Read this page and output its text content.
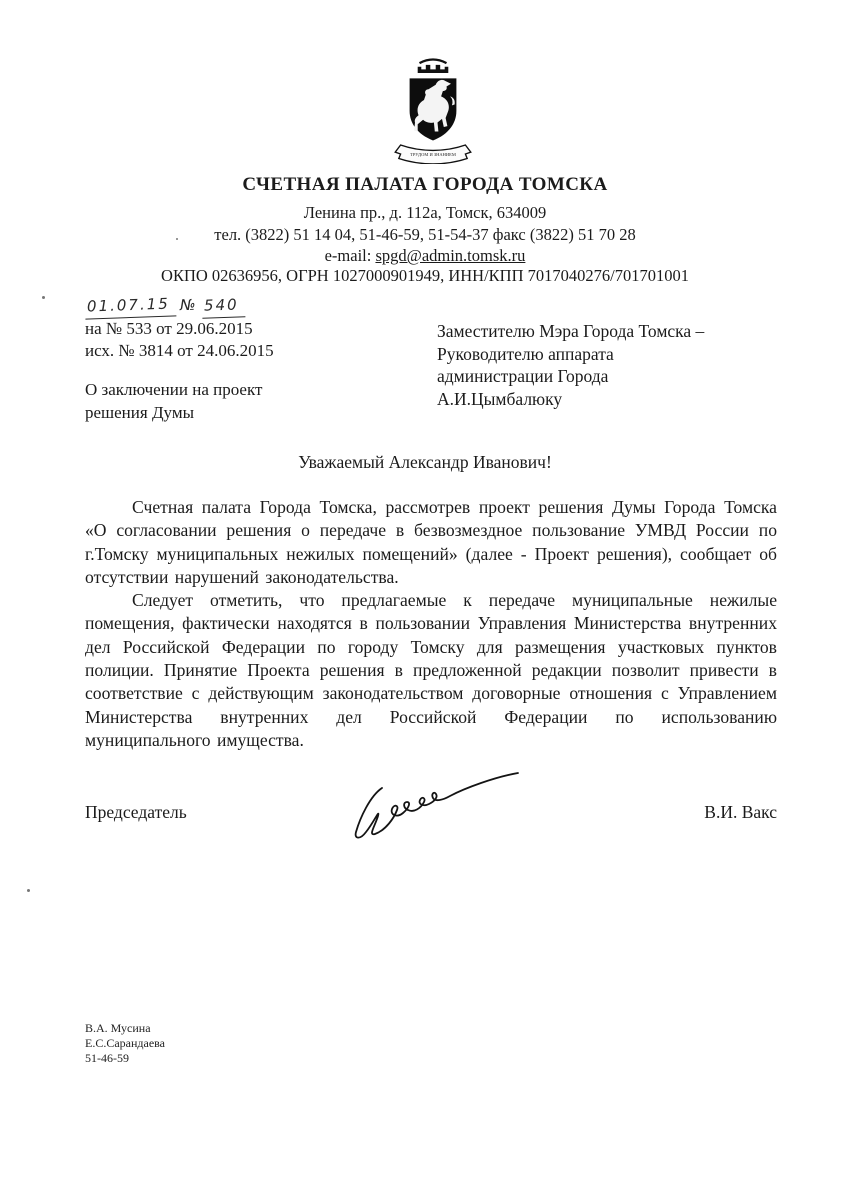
ТРУДОМ И ЗНАНИЕМ
СЧЕТНАЯ ПАЛАТА ГОРОДА ТОМСКА
Ленина пр., д. 112а, Томск, 634009
тел. (3822) 51 14 04, 51-46-59, 51-54-37 факс (3822) 51 70 28
e-mail: spgd@admin.tomsk.ru
ОКПО 02636956, ОГРН 1027000901949, ИНН/КПП 7017040276/701701001
01.07.15 № 540
на № 533 от 29.06.2015
исх. № 3814 от 24.06.2015
О заключении на проект
решения Думы
Заместителю Мэра Города Томска –
Руководителю аппарата
администрации Города
А.И.Цымбалюку
Уважаемый Александр Иванович!

Счетная палата Города Томска, рассмотрев проект решения Думы Города Томска «О согласовании решения о передаче в безвозмездное пользование УМВД России по г.Томску муниципальных нежилых помещений» (далее - Проект решения), сообщает об отсутствии нарушений законодательства.

Следует отметить, что предлагаемые к передаче муниципальные нежилые помещения, фактически находятся в пользовании Управления Министерства внутренних дел Российской Федерации по городу Томску для размещения участковых пунктов полиции. Принятие Проекта решения в предложенной редакции позволит привести в соответствие с действующим законодательством договорные отношения с Управлением Министерства внутренних дел Российской Федерации по использованию муниципального имущества.

Председатель	В.И. Вакс
В.А. Мусина
Е.С.Сарандаева
51-46-59
